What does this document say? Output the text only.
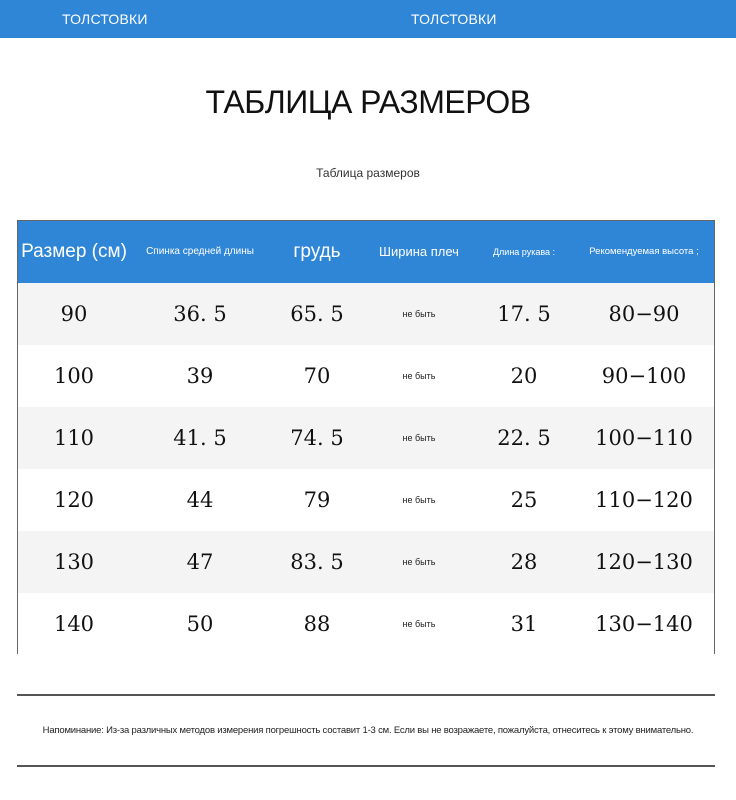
ТОЛСТОВКИ	ТОЛСТОВКИ
ТАБЛИЦА РАЗМЕРОВ
Таблица размеров
Размер (см)	Спинка средней длины	грудь	Ширина плеч	Длина рукава :	Рекомендуемая высота ;
90	36. 5	65. 5	не быть	17. 5	80−90
100	39	70	не быть	20	90−100
110	41. 5	74. 5	не быть	22. 5	100−110
120	44	79	не быть	25	110−120
130	47	83. 5	не быть	28	120−130
140	50	88	не быть	31	130−140
Напоминание: Из-за различных методов измерения погрешность составит 1-3 см. Если вы не возражаете, пожалуйста, отнеситесь к этому внимательно.
